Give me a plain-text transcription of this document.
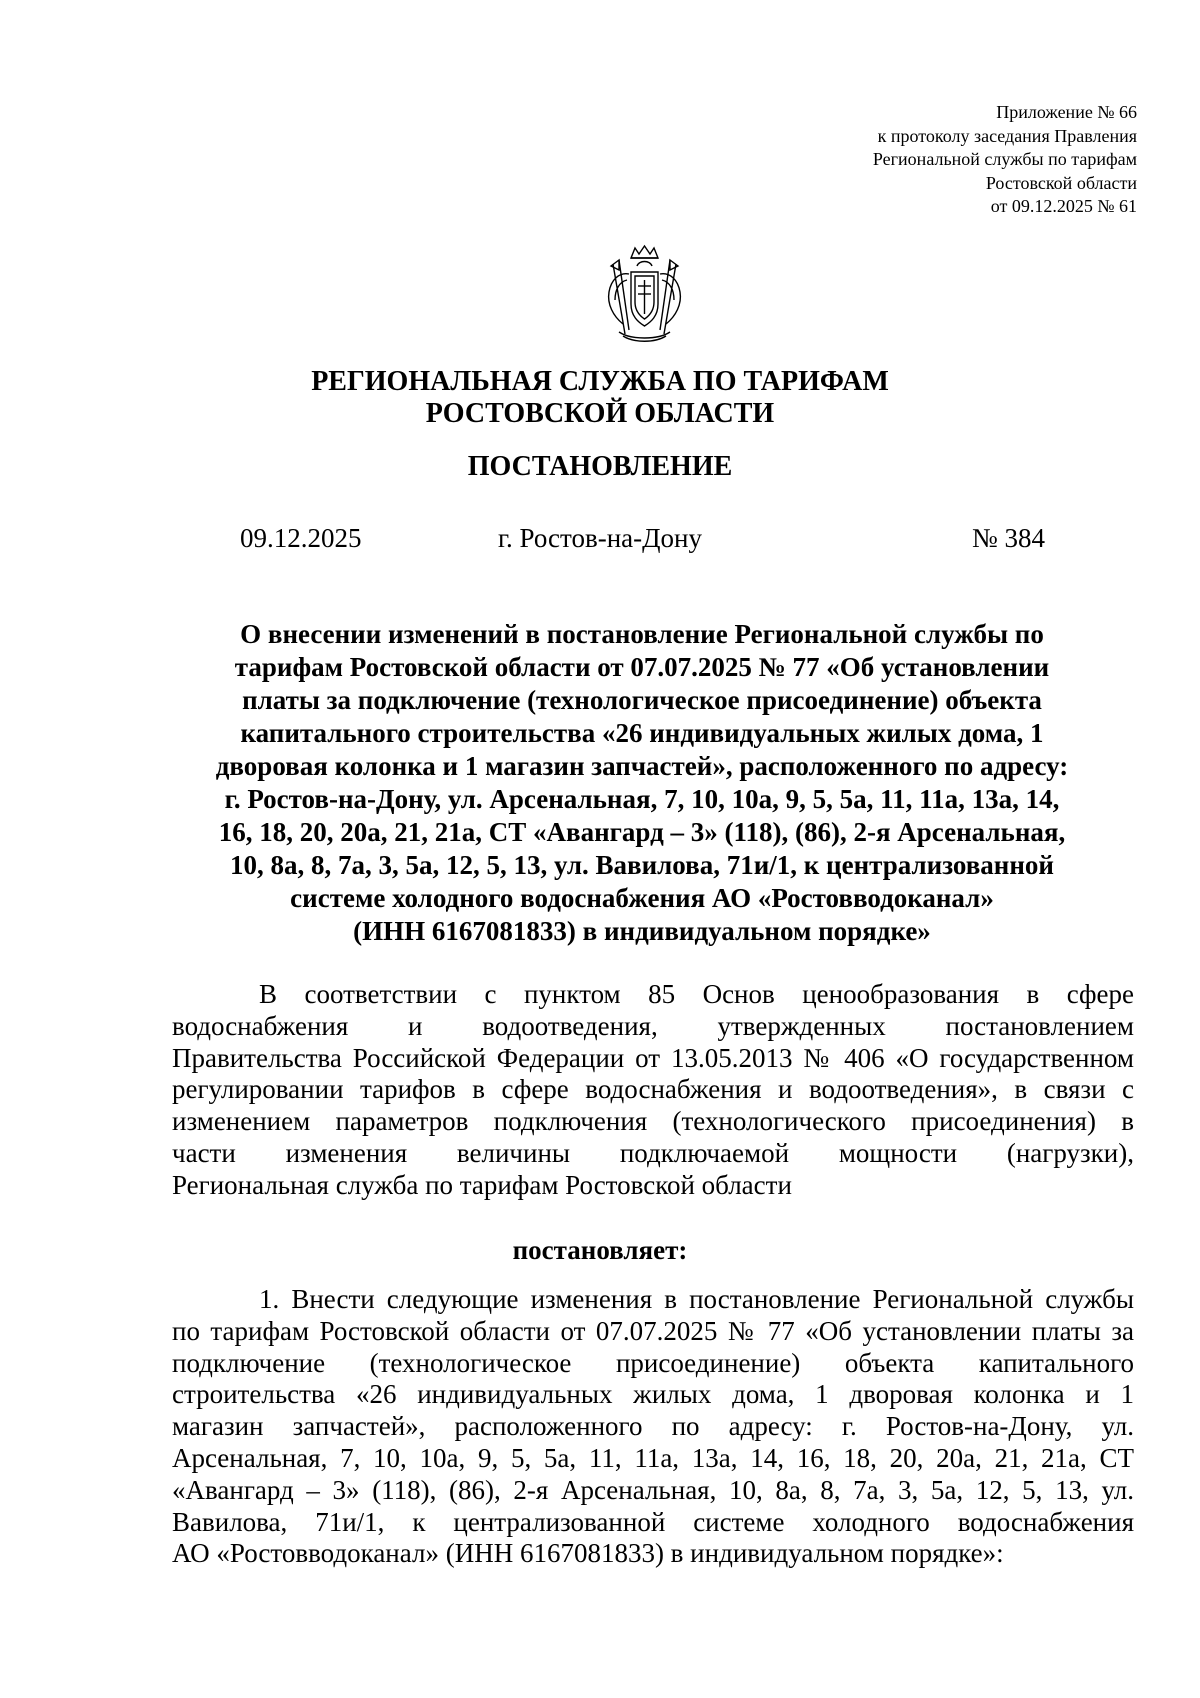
Приложение № 66
к протоколу заседания Правления
Региональной службы по тарифам
Ростовской области
от 09.12.2025 № 61
РЕГИОНАЛЬНАЯ СЛУЖБА ПО ТАРИФАМ
РОСТОВСКОЙ ОБЛАСТИ
ПОСТАНОВЛЕНИЕ
09.12.2025	г. Ростов-на-Дону	№ 384
О внесении изменений в постановление Региональной службы по
тарифам Ростовской области от 07.07.2025 № 77 «Об установлении
платы за подключение (технологическое присоединение) объекта
капитального строительства «26 индивидуальных жилых дома, 1
дворовая колонка и 1 магазин запчастей», расположенного по адресу:
г. Ростов-на-Дону, ул. Арсенальная, 7, 10, 10а, 9, 5, 5а, 11, 11а, 13а, 14,
16, 18, 20, 20а, 21, 21а, СТ «Авангард – 3» (118), (86), 2-я Арсенальная,
10, 8а, 8, 7а, 3, 5а, 12, 5, 13, ул. Вавилова, 71и/1, к централизованной
системе холодного водоснабжения АО «Ростовводоканал»
(ИНН 6167081833) в индивидуальном порядке»
В соответствии с пунктом 85 Основ ценообразования в сфере
водоснабжения и водоотведения, утвержденных постановлением
Правительства Российской Федерации от 13.05.2013 № 406 «О государственном
регулировании тарифов в сфере водоснабжения и водоотведения», в связи с
изменением параметров подключения (технологического присоединения) в
части изменения величины подключаемой мощности (нагрузки),
Региональная служба по тарифам Ростовской области
постановляет:
1. Внести следующие изменения в постановление Региональной службы
по тарифам Ростовской области от 07.07.2025 № 77 «Об установлении платы за
подключение (технологическое присоединение) объекта капитального
строительства «26 индивидуальных жилых дома, 1 дворовая колонка и 1
магазин запчастей», расположенного по адресу: г. Ростов-на-Дону, ул.
Арсенальная, 7, 10, 10а, 9, 5, 5а, 11, 11а, 13а, 14, 16, 18, 20, 20а, 21, 21а, СТ
«Авангард – 3» (118), (86), 2-я Арсенальная, 10, 8а, 8, 7а, 3, 5а, 12, 5, 13, ул.
Вавилова, 71и/1, к централизованной системе холодного водоснабжения
АО «Ростовводоканал» (ИНН 6167081833) в индивидуальном порядке»:
